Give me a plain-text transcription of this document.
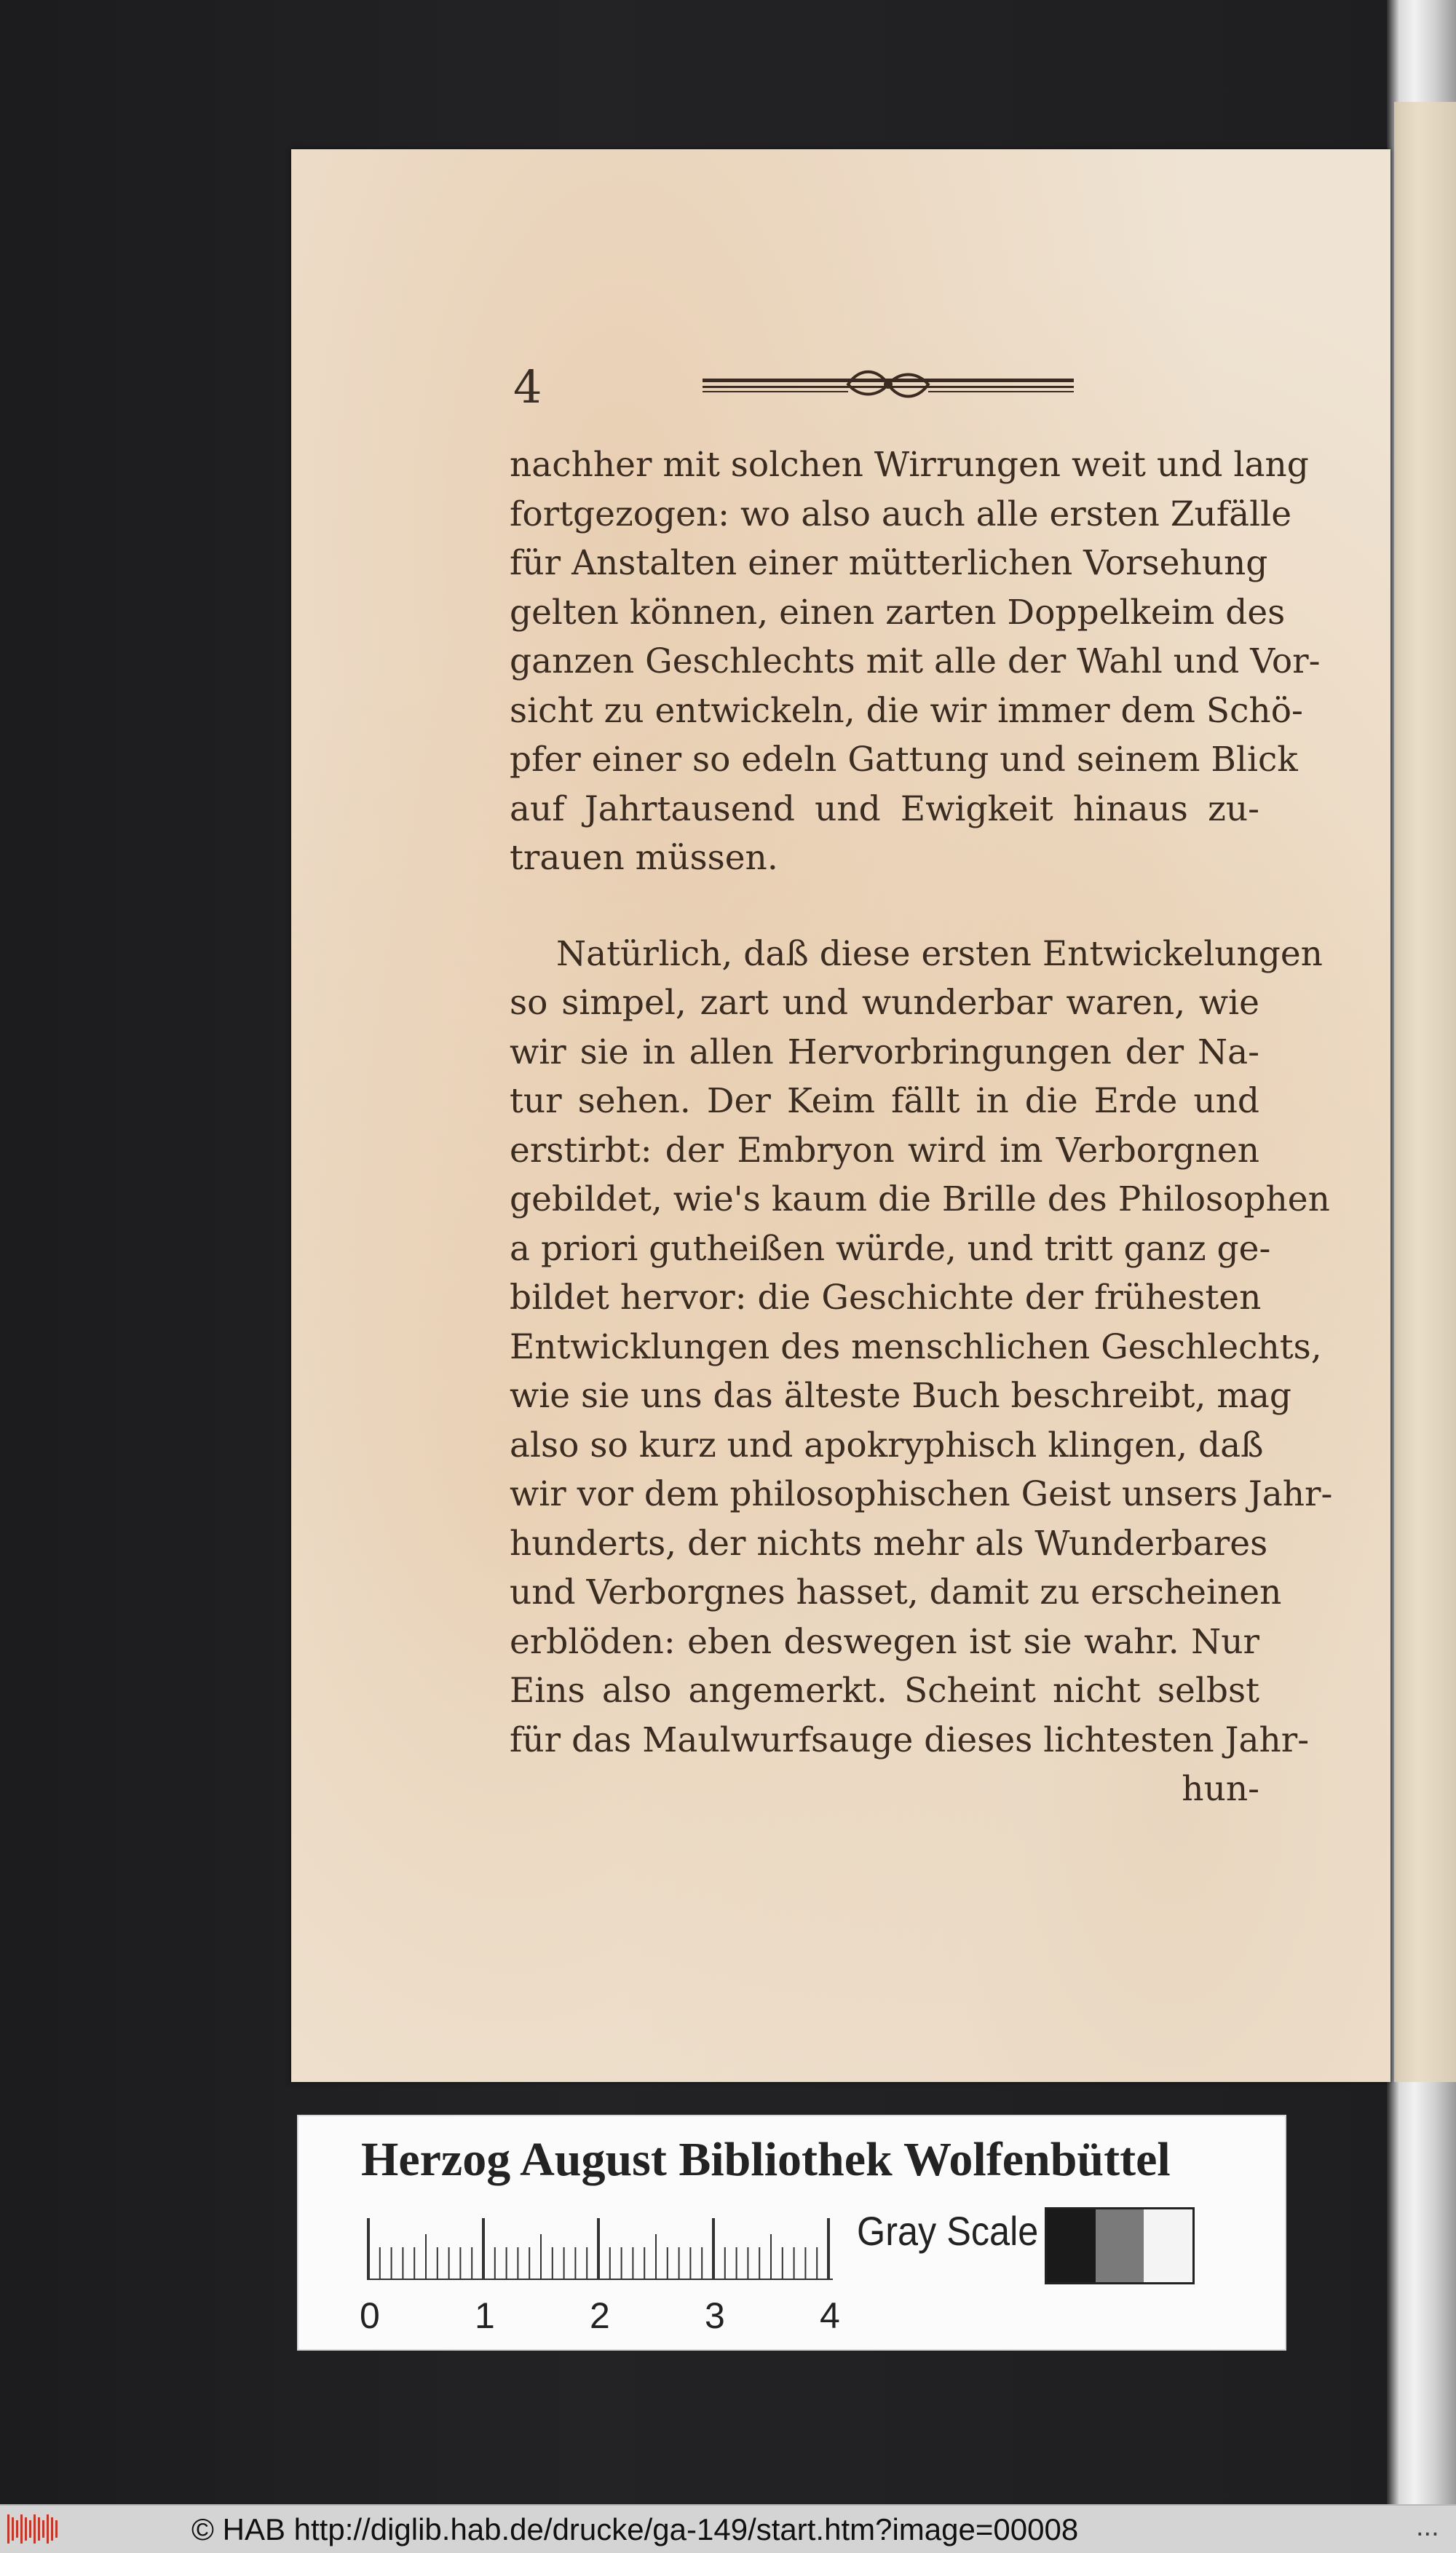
4
nachher mit solchen Wirrungen weit und lang
fortgezogen: wo also auch alle ersten Zufälle
für Anstalten einer mütterlichen Vorsehung
gelten können, einen zarten Doppelkeim des
ganzen Geschlechts mit alle der Wahl und Vor-
sicht zu entwickeln, die wir immer dem Schö-
pfer einer so edeln Gattung und seinem Blick
auf Jahrtausend und Ewigkeit hinaus zu-
trauen müssen.
Natürlich, daß diese ersten Entwickelungen
so simpel, zart und wunderbar waren, wie
wir sie in allen Hervorbringungen der Na-
tur sehen. Der Keim fällt in die Erde und
erstirbt: der Embryon wird im Verborgnen
gebildet, wie's kaum die Brille des Philosophen
a priori gutheißen würde, und tritt ganz ge-
bildet hervor: die Geschichte der frühesten
Entwicklungen des menschlichen Geschlechts,
wie sie uns das älteste Buch beschreibt, mag
also so kurz und apokryphisch klingen, daß
wir vor dem philosophischen Geist unsers Jahr-
hunderts, der nichts mehr als Wunderbares
und Verborgnes hasset, damit zu erscheinen
erblöden: eben deswegen ist sie wahr. Nur
Eins also angemerkt. Scheint nicht selbst
für das Maulwurfsauge dieses lichtesten Jahr-
hun-
Herzog August Bibliothek Wolfenbüttel
0	1	2	3	4
Gray Scale
© HAB http://diglib.hab.de/drucke/ga-149/start.htm?image=00008	...
